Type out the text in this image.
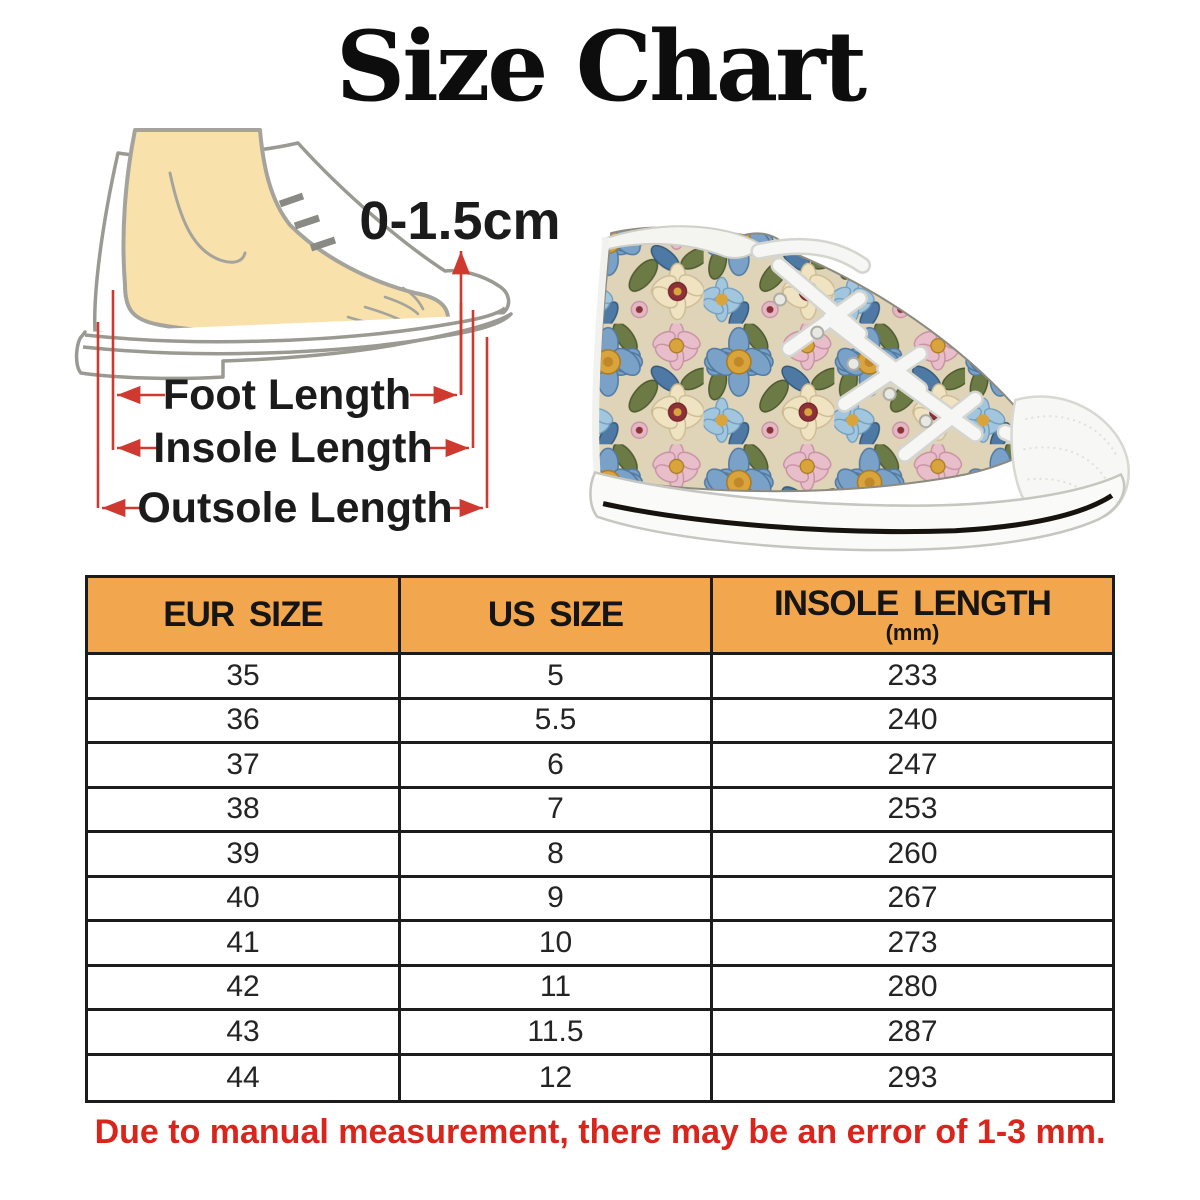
Size Chart
0-1.5cm
Foot Length
Insole Length
Outsole Length
EUR SIZE	US SIZE	INSOLE LENGTH
(mm)
35	5	233
36	5.5	240
37	6	247
38	7	253
39	8	260
40	9	267
41	10	273
42	11	280
43	11.5	287
44	12	293
Due to manual measurement, there may be an error of 1-3 mm.
